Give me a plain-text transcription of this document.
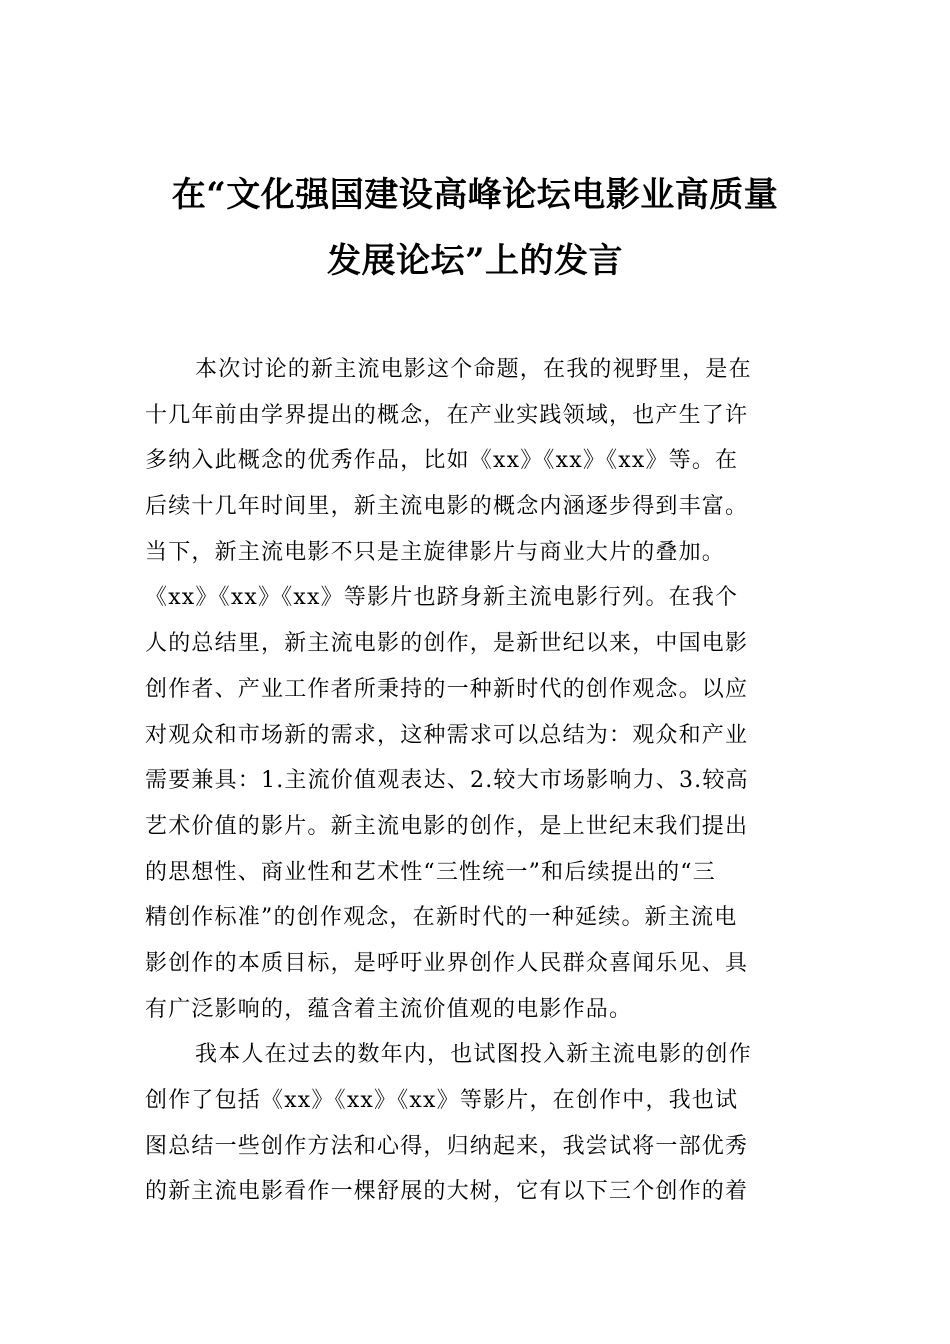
在“文化强国建设高峰论坛电影业高质量
发展论坛”上的发言
本次讨论的新主流电影这个命题，在我的视野里，是在
十几年前由学界提出的概念，在产业实践领域，也产生了许
多纳入此概念的优秀作品，比如《xx》《xx》《xx》等。在
后续十几年时间里，新主流电影的概念内涵逐步得到丰富。
当下，新主流电影不只是主旋律影片与商业大片的叠加。
《xx》《xx》《xx》等影片也跻身新主流电影行列。在我个
人的总结里，新主流电影的创作，是新世纪以来，中国电影
创作者、产业工作者所秉持的一种新时代的创作观念。以应
对观众和市场新的需求，这种需求可以总结为：观众和产业
需要兼具：1.主流价值观表达、2.较大市场影响力、3.较高
艺术价值的影片。新主流电影的创作，是上世纪末我们提出
的思想性、商业性和艺术性“三性统一”和后续提出的“三
精创作标准”的创作观念，在新时代的一种延续。新主流电
影创作的本质目标，是呼吁业界创作人民群众喜闻乐见、具
有广泛影响的，蕴含着主流价值观的电影作品。
我本人在过去的数年内，也试图投入新主流电影的创作
创作了包括《xx》《xx》《xx》等影片，在创作中，我也试
图总结一些创作方法和心得，归纳起来，我尝试将一部优秀
的新主流电影看作一棵舒展的大树，它有以下三个创作的着
